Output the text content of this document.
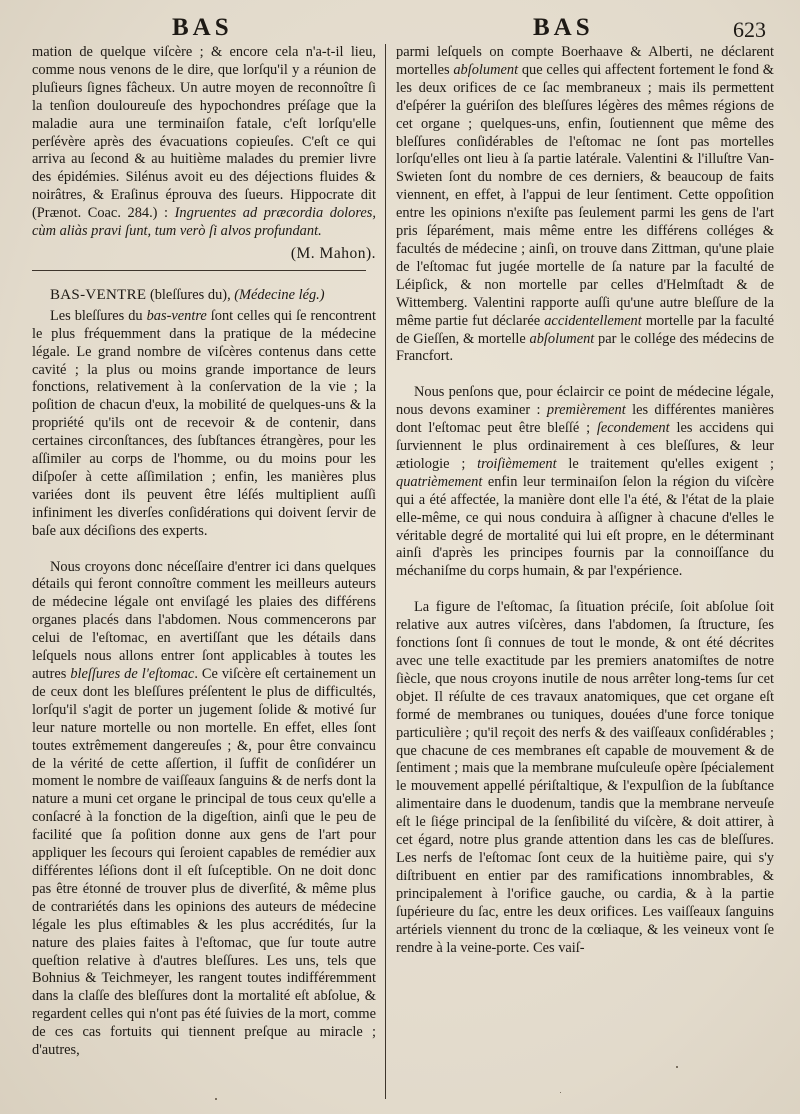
BAS	BAS	623

mation de quelque viſcère ; & encore cela n'a-t-il lieu, comme nous venons de le dire, que lorſqu'il y a réunion de pluſieurs ſignes fâcheux. Un autre moyen de reconnoître ſi la tenſion douloureuſe des hypochondres préſage que la maladie aura une terminaiſon fatale, c'eſt lorſqu'elle perſévère après des évacuations copieuſes. C'eſt ce qui arriva au ſecond & au huitième malades du premier livre des épidémies. Silénus avoit eu des déjections fluides & noirâtres, & Eraſinus éprouva des ſueurs. Hippocrate dit (Prænot. Coac. 284.) : Ingruentes ad præcordia dolores, cùm aliàs pravi ſunt, tum verò ſi alvos profundant.

(M. Mahon).

BAS-VENTRE (bleſſures du), (Médecine lég.)

Les bleſſures du bas-ventre ſont celles qui ſe rencontrent le plus fréquemment dans la pratique de la médecine légale. Le grand nombre de viſcères contenus dans cette cavité ; la plus ou moins grande importance de leurs fonctions, relativement à la conſervation de la vie ; la poſition de chacun d'eux, la mobilité de quelques-uns & la propriété qu'ils ont de recevoir & de contenir, dans certaines circonſtances, des ſubſtances étrangères, pour les aſſimiler au corps de l'homme, ou du moins pour les diſpoſer à cette aſſimilation ; enfin, les manières plus variées dont ils peuvent être léſés multiplient auſſi infiniment les diverſes conſidérations qui doivent ſervir de baſe aux déciſions des experts.

Nous croyons donc néceſſaire d'entrer ici dans quelques détails qui feront connoître comment les meilleurs auteurs de médecine légale ont enviſagé les plaies des différens organes placés dans l'abdomen. Nous commencerons par celui de l'eſtomac, en avertiſſant que les détails dans leſquels nous allons entrer ſont applicables à toutes les autres bleſſures de l'eſtomac. Ce viſcère eſt certainement un de ceux dont les bleſſures préſentent le plus de difficultés, lorſqu'il s'agit de porter un jugement ſolide & motivé ſur leur nature mortelle ou non mortelle. En effet, elles ſont toutes extrêmement dangereuſes ; &, pour être convaincu de la vérité de cette aſſertion, il ſuffit de conſidérer un moment le nombre de vaiſſeaux ſanguins & de nerfs dont la nature a muni cet organe le principal de tous ceux qu'elle a conſacré à la fonction de la digeſtion, ainſi que le peu de facilité que ſa poſition donne aux gens de l'art pour appliquer les ſecours qui ſeroient capables de remédier aux différentes léſions dont il eſt ſuſceptible. On ne doit donc pas être étonné de trouver plus de diverſité, & même plus de contrariétés dans les opinions des auteurs de médecine légale les plus eſtimables & les plus accrédités, ſur la nature des plaies faites à l'eſtomac, que ſur toute autre queſtion relative à d'autres bleſſures. Les uns, tels que Bohnius & Teichmeyer, les rangent toutes indifféremment dans la claſſe des bleſſures dont la mortalité eſt abſolue, & regardent celles qui n'ont pas été ſuivies de la mort, comme de ces cas fortuits qui tiennent preſque au miracle ; d'autres,

parmi leſquels on compte Boerhaave & Alberti, ne déclarent mortelles abſolument que celles qui affectent fortement le fond & les deux orifices de ce ſac membraneux ; mais ils permettent d'eſpérer la guériſon des bleſſures légères des mêmes régions de cet organe ; quelques-uns, enfin, ſoutiennent que même des bleſſures conſidérables de l'eſtomac ne ſont pas mortelles lorſqu'elles ont lieu à ſa partie latérale. Valentini & l'illuſtre Van-Swieten ſont du nombre de ces derniers, & beaucoup de faits viennent, en effet, à l'appui de leur ſentiment. Cette oppoſition entre les opinions n'exiſte pas ſeulement parmi les gens de l'art pris ſéparément, mais même entre les différens colléges & facultés de médecine ; ainſi, on trouve dans Zittman, qu'une plaie de l'eſtomac fut jugée mortelle de ſa nature par la faculté de Léipſick, & non mortelle par celles d'Helmſtadt & de Wittemberg. Valentini rapporte auſſi qu'une autre bleſſure de la même partie fut déclarée accidentellement mortelle par la faculté de Gieſſen, & mortelle abſolument par le collége des médecins de Francfort.

Nous penſons que, pour éclaircir ce point de médecine légale, nous devons examiner : premièrement les différentes manières dont l'eſtomac peut être bleſſé ; ſecondement les accidens qui ſurviennent le plus ordinairement à ces bleſſures, & leur ætiologie ; troiſièmement le traitement qu'elles exigent ; quatrièmement enfin leur terminaiſon ſelon la région du viſcère qui a été affectée, la manière dont elle l'a été, & l'état de la plaie elle-même, ce qui nous conduira à aſſigner à chacune d'elles le véritable degré de mortalité qui lui eſt propre, en le déterminant ainſi d'après les principes fournis par la connoiſſance du méchaniſme du corps humain, & par l'expérience.

La figure de l'eſtomac, ſa ſituation préciſe, ſoit abſolue ſoit relative aux autres viſcères, dans l'abdomen, ſa ſtructure, ſes fonctions ſont ſi connues de tout le monde, & ont été décrites avec une telle exactitude par les premiers anatomiſtes de notre ſiècle, que nous croyons inutile de nous arrêter long-tems ſur cet objet. Il réſulte de ces travaux anatomiques, que cet organe eſt formé de membranes ou tuniques, douées d'une force tonique particulière ; qu'il reçoit des nerfs & des vaiſſeaux conſidérables ; que chacune de ces membranes eſt capable de mouvement & de ſentiment ; mais que la membrane muſculeuſe opère ſpécialement le mouvement appellé périſtaltique, & l'expulſion de la ſubſtance alimentaire dans le duodenum, tandis que la membrane nerveuſe eſt le ſiége principal de la ſenſibilité du viſcère, & doit attirer, à cet égard, notre plus grande attention dans les cas de bleſſures. Les nerfs de l'eſtomac ſont ceux de la huitième paire, qui s'y diſtribuent en entier par des ramifications innombrables, & principalement à l'orifice gauche, ou cardia, & à la partie ſupérieure du ſac, entre les deux orifices. Les vaiſſeaux ſanguins artériels viennent du tronc de la cœliaque, & les veineux vont ſe rendre à la veine-porte. Ces vaiſ-
